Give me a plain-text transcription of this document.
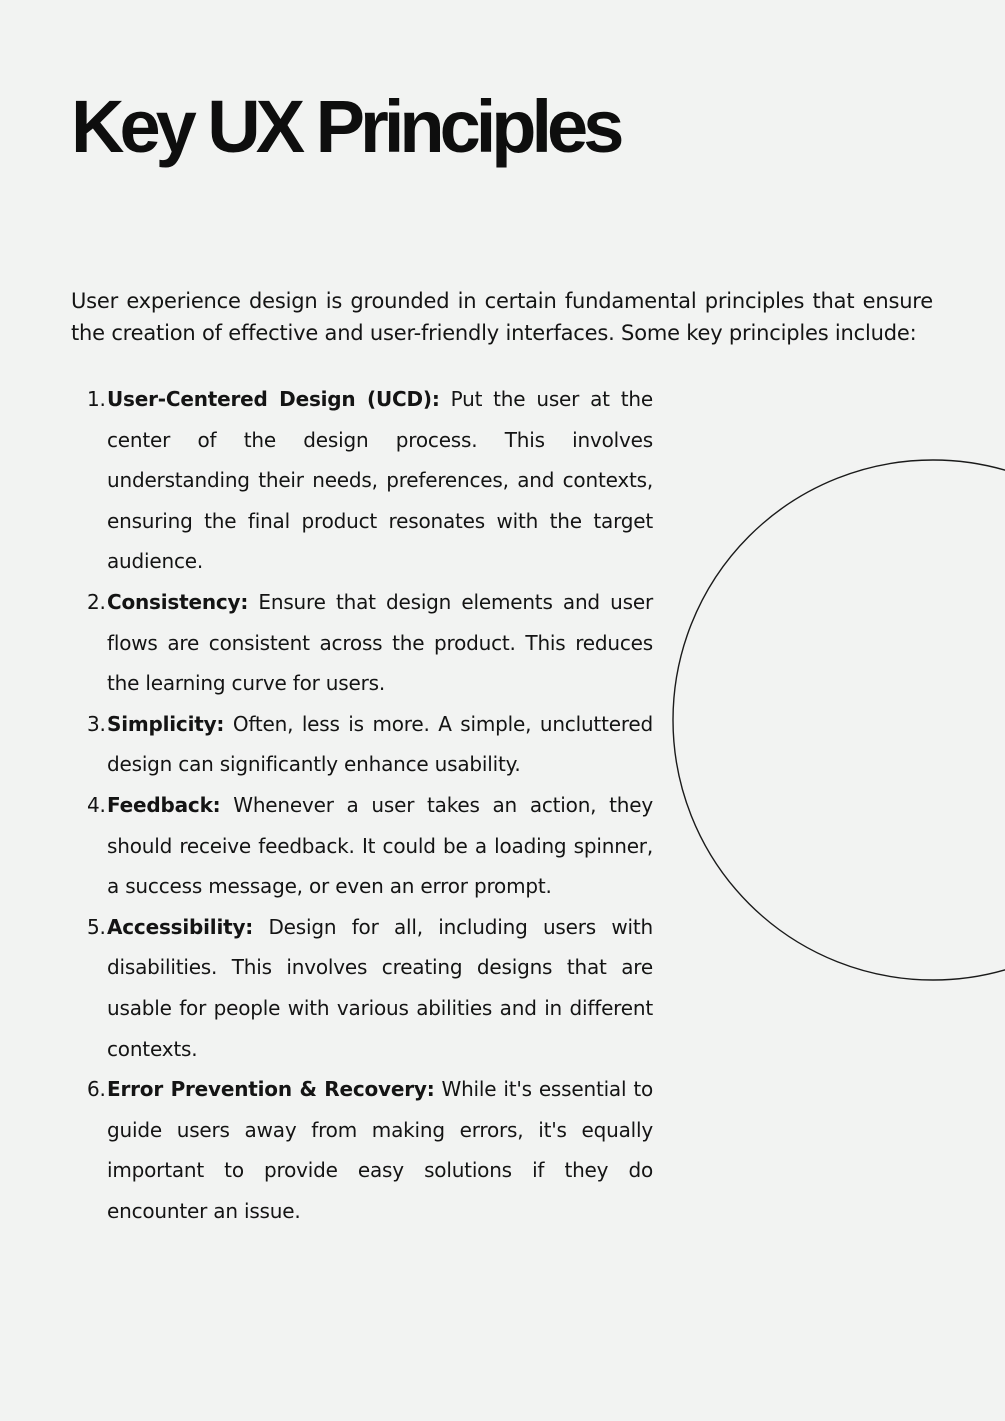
Key UX Principles

User experience design is grounded in certain fundamental principles that ensure the creation of effective and user-friendly interfaces. Some key principles include:

1. User-Centered Design (UCD): Put the user at the center of the design process. This involves understanding their needs, preferences, and contexts, ensuring the final product resonates with the target audience.
2. Consistency: Ensure that design elements and user flows are consistent across the product. This reduces the learning curve for users.
3. Simplicity: Often, less is more. A simple, uncluttered design can significantly enhance usability.
4. Feedback: Whenever a user takes an action, they should receive feedback. It could be a loading spinner, a success message, or even an error prompt.
5. Accessibility: Design for all, including users with disabilities. This involves creating designs that are usable for people with various abilities and in different contexts.
6. Error Prevention & Recovery: While it's essential to guide users away from making errors, it's equally important to provide easy solutions if they do encounter an issue.
